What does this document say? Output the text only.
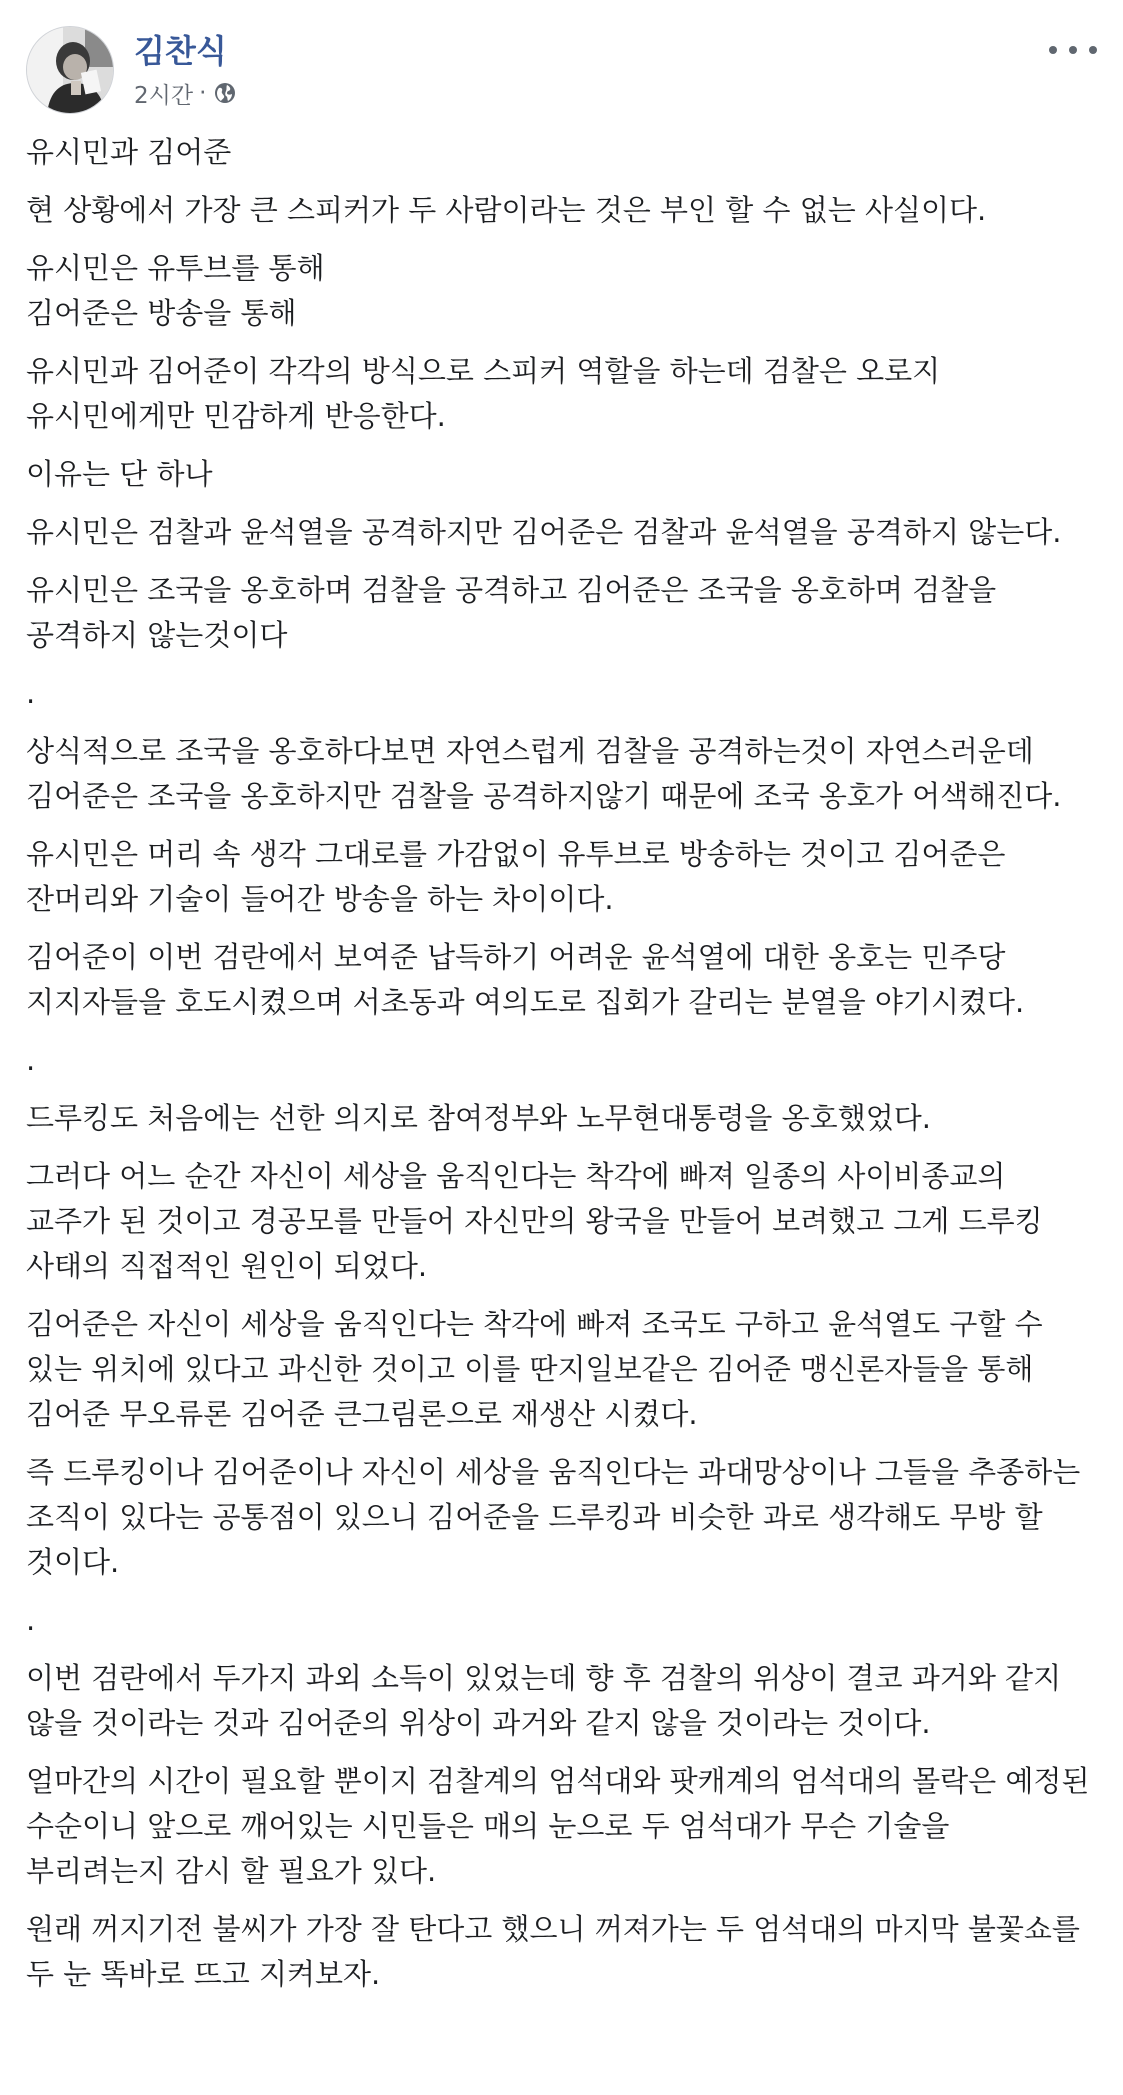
김찬식
2시간 ·

유시민과 김어준

현 상황에서 가장 큰 스피커가 두 사람이라는 것은 부인 할 수 없는 사실이다.

유시민은 유투브를 통해
김어준은 방송을 통해

유시민과 김어준이 각각의 방식으로 스피커 역할을 하는데 검찰은 오로지 유시민에게만 민감하게 반응한다.

이유는 단 하나

유시민은 검찰과 윤석열을 공격하지만 김어준은 검찰과 윤석열을 공격하지 않는다.

유시민은 조국을 옹호하며 검찰을 공격하고 김어준은 조국을 옹호하며 검찰을 공격하지 않는것이다

.

상식적으로 조국을 옹호하다보면 자연스럽게 검찰을 공격하는것이 자연스러운데 김어준은 조국을 옹호하지만 검찰을 공격하지않기 때문에 조국 옹호가 어색해진다.

유시민은 머리 속 생각 그대로를 가감없이 유투브로 방송하는 것이고 김어준은 잔머리와 기술이 들어간 방송을 하는 차이이다.

김어준이 이번 검란에서 보여준 납득하기 어려운 윤석열에 대한 옹호는 민주당 지지자들을 호도시켰으며 서초동과 여의도로 집회가 갈리는 분열을 야기시켰다.

.

드루킹도 처음에는 선한 의지로 참여정부와 노무현대통령을 옹호했었다.

그러다 어느 순간 자신이 세상을 움직인다는 착각에 빠져 일종의 사이비종교의 교주가 된 것이고 경공모를 만들어 자신만의 왕국을 만들어 보려했고 그게 드루킹 사태의 직접적인 원인이 되었다.

김어준은 자신이 세상을 움직인다는 착각에 빠져 조국도 구하고 윤석열도 구할 수 있는 위치에 있다고 과신한 것이고 이를 딴지일보같은 김어준 맹신론자들을 통해 김어준 무오류론 김어준 큰그림론으로 재생산 시켰다.

즉 드루킹이나 김어준이나 자신이 세상을 움직인다는 과대망상이나 그들을 추종하는 조직이 있다는 공통점이 있으니 김어준을 드루킹과 비슷한 과로 생각해도 무방 할 것이다.

.

이번 검란에서 두가지 과외 소득이 있었는데 향 후 검찰의 위상이 결코 과거와 같지 않을 것이라는 것과 김어준의 위상이 과거와 같지 않을 것이라는 것이다.

얼마간의 시간이 필요할 뿐이지 검찰계의 엄석대와 팟캐계의 엄석대의 몰락은 예정된 수순이니 앞으로 깨어있는 시민들은 매의 눈으로 두 엄석대가 무슨 기술을 부리려는지 감시 할 필요가 있다.

원래 꺼지기전 불씨가 가장 잘 탄다고 했으니 꺼져가는 두 엄석대의 마지막 불꽃쇼를 두 눈 똑바로 뜨고 지켜보자.
